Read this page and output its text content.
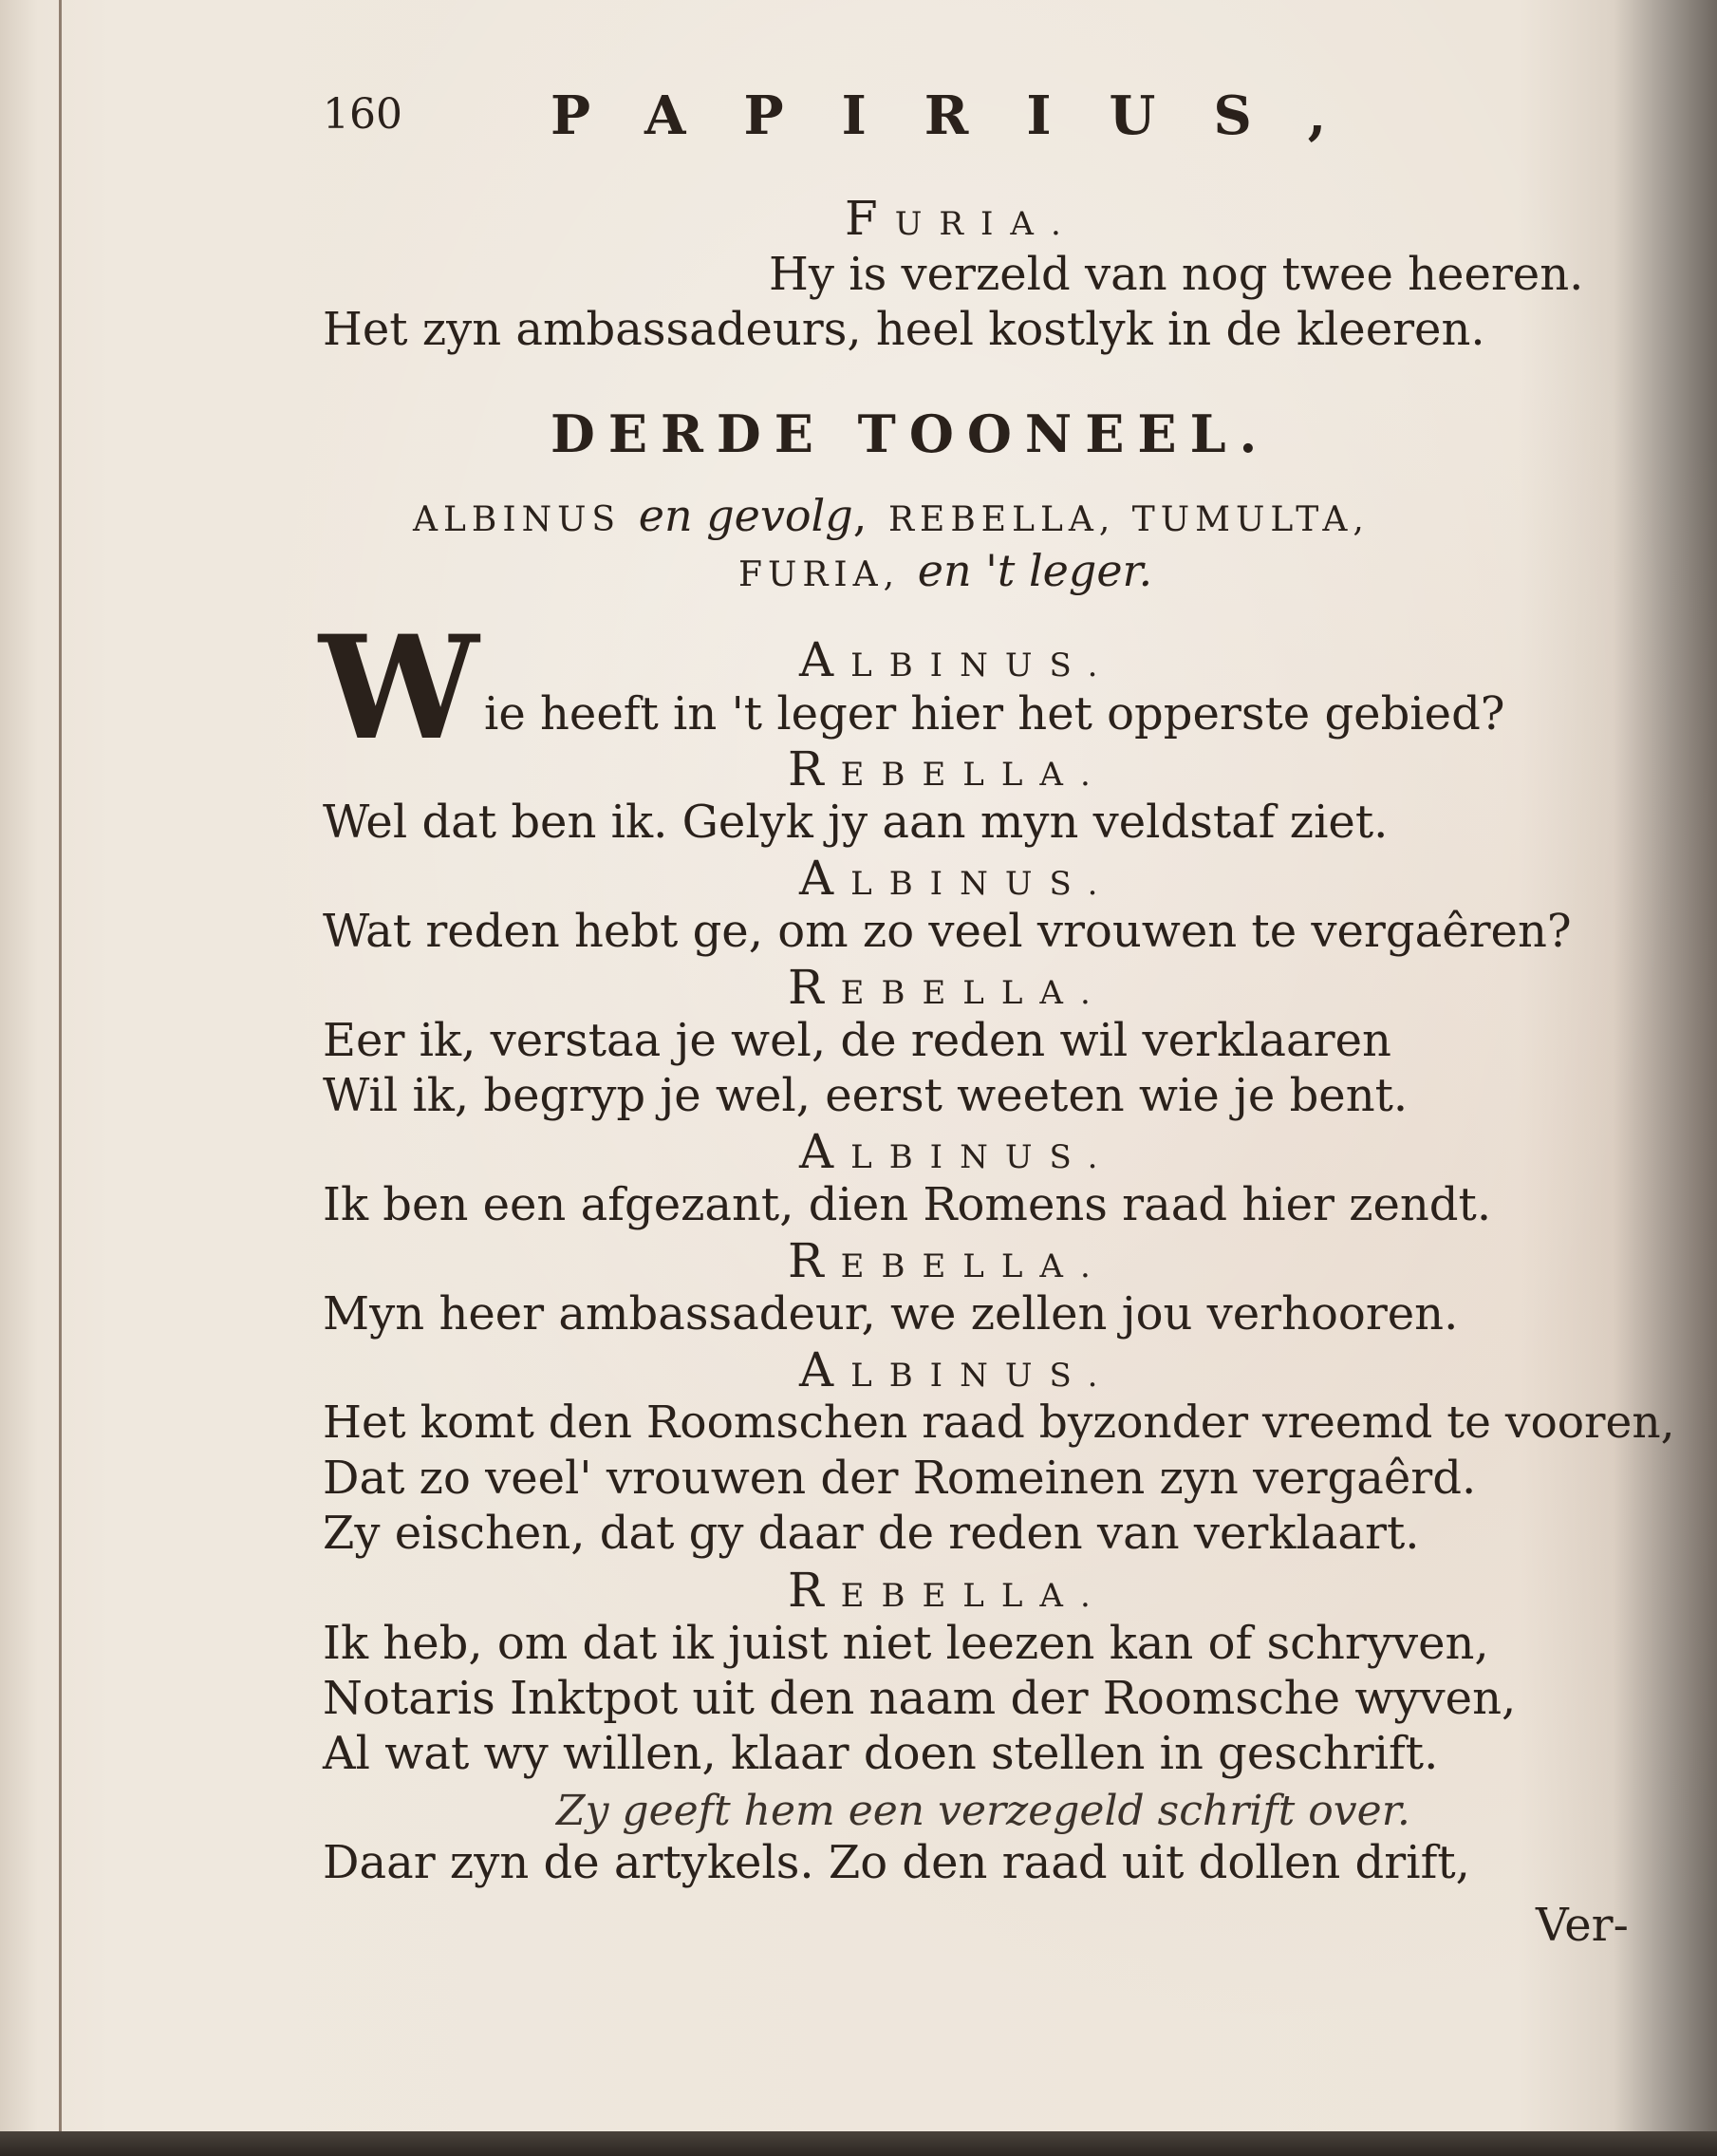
160	PAPIRIUS,
FURIA.
Hy is verzeld van nog twee heeren.
Het zyn ambassadeurs, heel kostlyk in de kleeren.
DERDE TOONEEL.
ALBINUS en gevolg, REBELLA, TUMULTA,
FURIA, en 't leger.
ALBINUS.
W ie heeft in 't leger hier het opperste gebied?
REBELLA.
Wel dat ben ik. Gelyk jy aan myn veldstaf ziet.
ALBINUS.
Wat reden hebt ge, om zo veel vrouwen te vergaêren?
REBELLA.
Eer ik, verstaa je wel, de reden wil verklaaren
Wil ik, begryp je wel, eerst weeten wie je bent.
ALBINUS.
Ik ben een afgezant, dien Romens raad hier zendt.
REBELLA.
Myn heer ambassadeur, we zellen jou verhooren.
ALBINUS.
Het komt den Roomschen raad byzonder vreemd te vooren,
Dat zo veel' vrouwen der Romeinen zyn vergaêrd.
Zy eischen, dat gy daar de reden van verklaart.
REBELLA.
Ik heb, om dat ik juist niet leezen kan of schryven,
Notaris Inktpot uit den naam der Roomsche wyven,
Al wat wy willen, klaar doen stellen in geschrift.
Zy geeft hem een verzegeld schrift over.
Daar zyn de artykels. Zo den raad uit dollen drift,
Ver-
